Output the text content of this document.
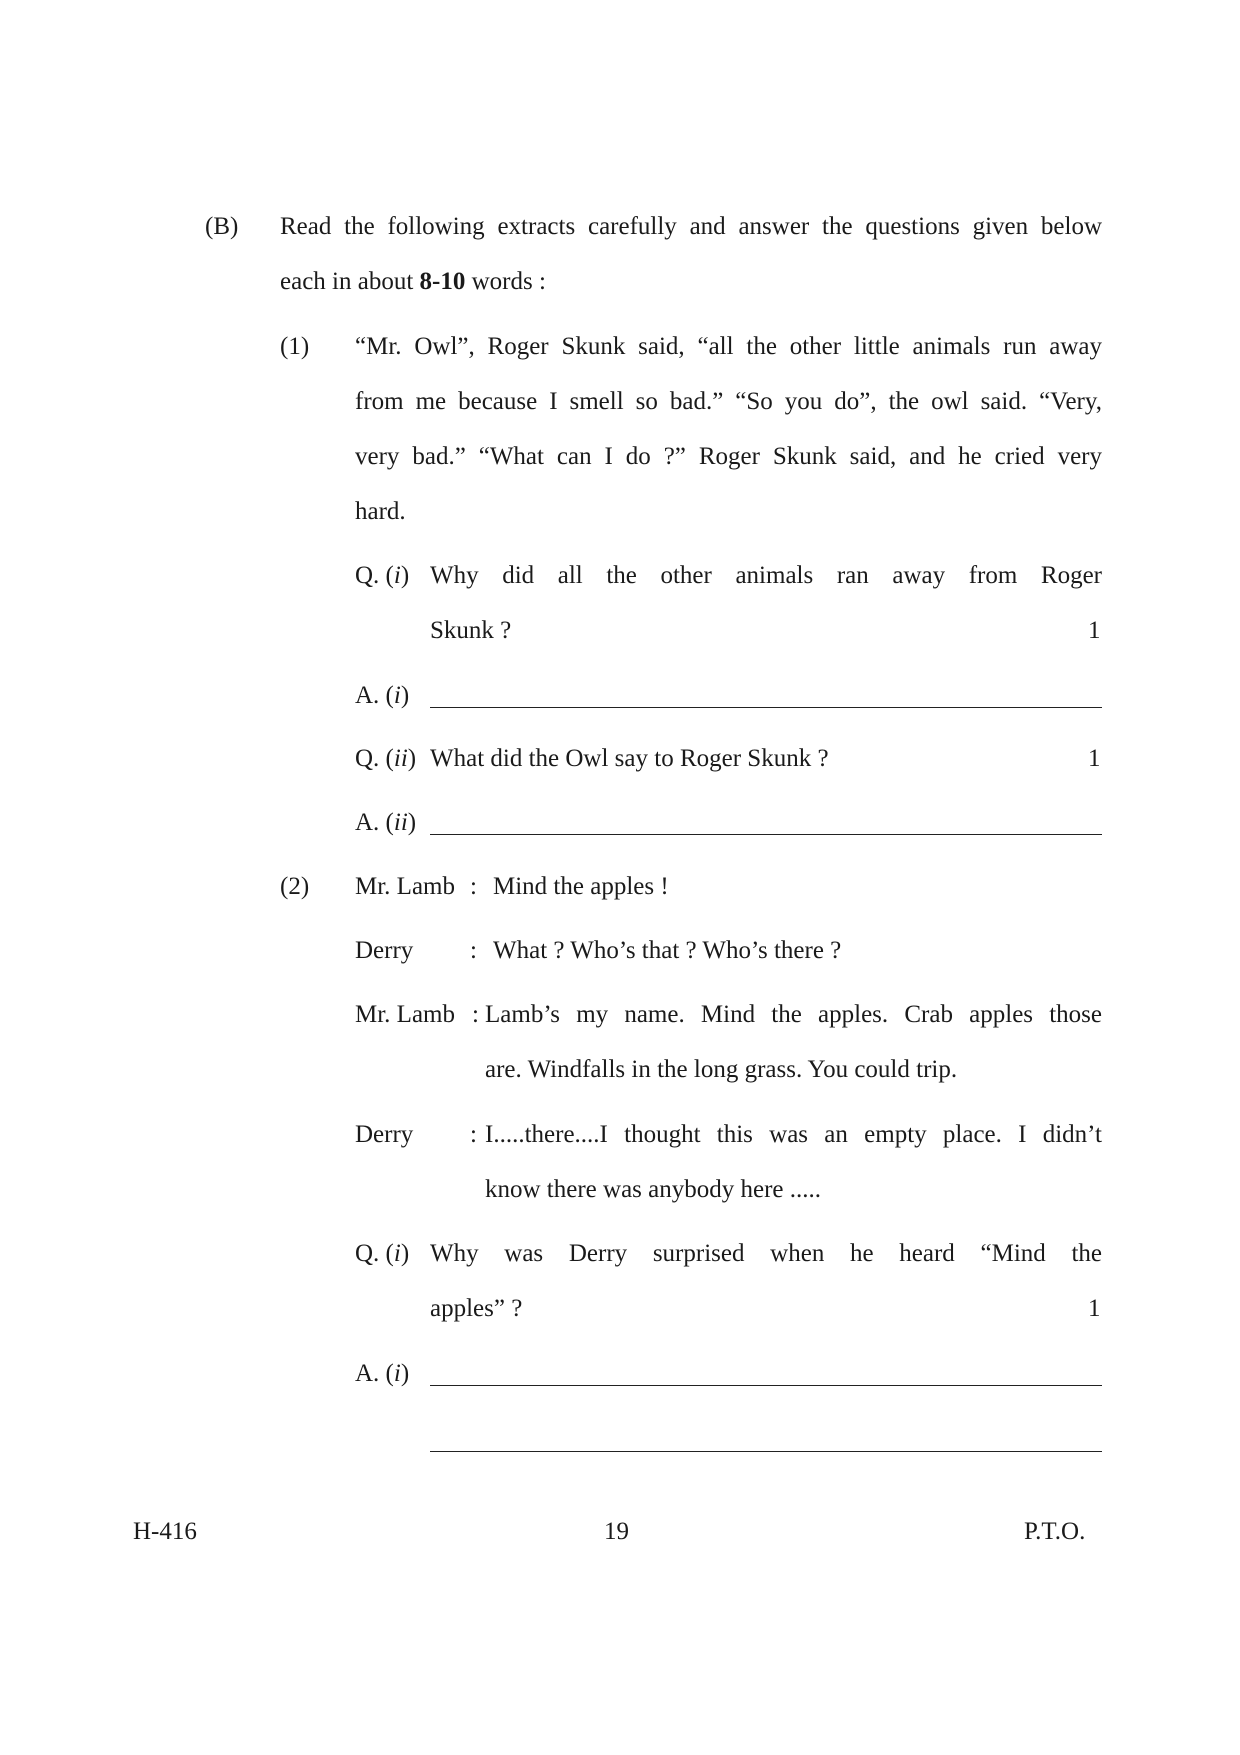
(B) Read the following extracts carefully and answer the questions given below
each in about 8-10 words :
(1) “Mr. Owl”, Roger Skunk said, “all the other little animals run away
from me because I smell so bad.” “So you do”, the owl said. “Very,
very bad.” “What can I do ?” Roger Skunk said, and he cried very
hard.
Q. (i) Why did all the other animals ran away from Roger
Skunk ?	1
A. (i)
Q. (ii) What did the Owl say to Roger Skunk ?	1
A. (ii)
(2) Mr. Lamb : Mind the apples !
Derry : What ? Who’s that ? Who’s there ?
Mr. Lamb : Lamb’s my name. Mind the apples. Crab apples those
are. Windfalls in the long grass. You could trip.
Derry : I.....there....I thought this was an empty place. I didn’t
know there was anybody here .....
Q. (i) Why was Derry surprised when he heard “Mind the
apples” ?	1
A. (i)
H-416	19	P.T.O.
